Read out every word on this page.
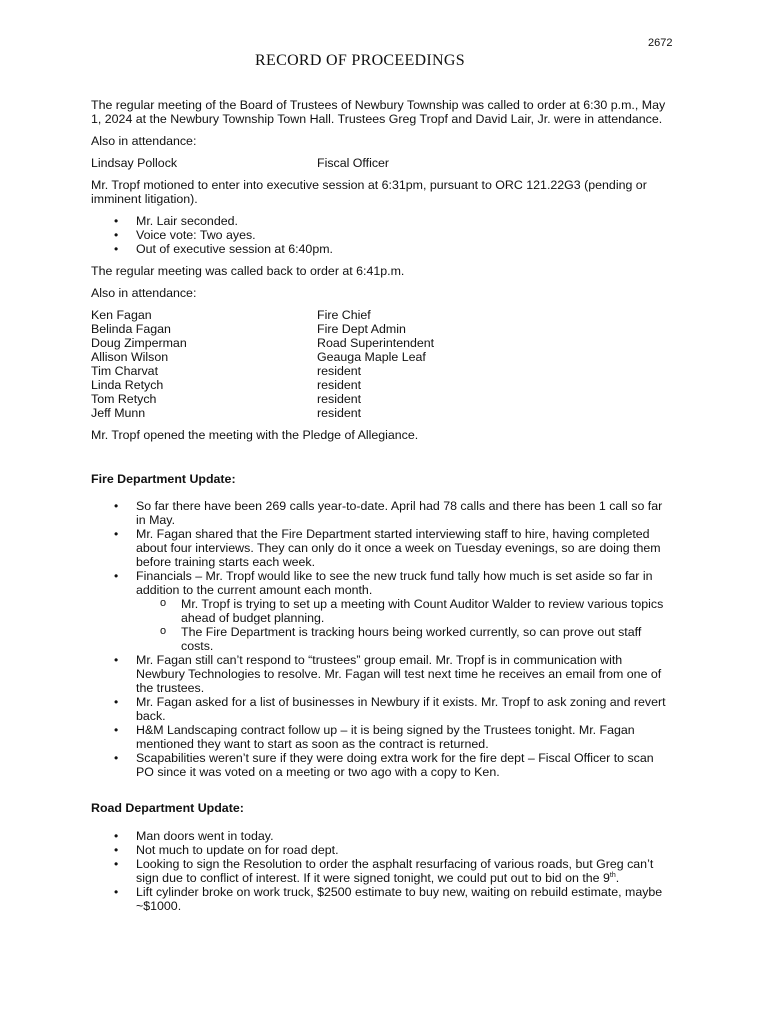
2672
RECORD OF PROCEEDINGS

The regular meeting of the Board of Trustees of Newbury Township was called to order at 6:30 p.m., May 1, 2024 at the Newbury Township Town Hall. Trustees Greg Tropf and David Lair, Jr. were in attendance.

Also in attendance:

Lindsay Pollock	Fiscal Officer

Mr. Tropf motioned to enter into executive session at 6:31pm, pursuant to ORC 121.22G3 (pending or imminent litigation).

• Mr. Lair seconded.
• Voice vote: Two ayes.
• Out of executive session at 6:40pm.

The regular meeting was called back to order at 6:41p.m.

Also in attendance:

Ken Fagan	Fire Chief
Belinda Fagan	Fire Dept Admin
Doug Zimperman	Road Superintendent
Allison Wilson	Geauga Maple Leaf
Tim Charvat	resident
Linda Retych	resident
Tom Retych	resident
Jeff Munn	resident

Mr. Tropf opened the meeting with the Pledge of Allegiance.

Fire Department Update:

• So far there have been 269 calls year-to-date. April had 78 calls and there has been 1 call so far in May.
• Mr. Fagan shared that the Fire Department started interviewing staff to hire, having completed about four interviews. They can only do it once a week on Tuesday evenings, so are doing them before training starts each week.
• Financials – Mr. Tropf would like to see the new truck fund tally how much is set aside so far in addition to the current amount each month.
o Mr. Tropf is trying to set up a meeting with Count Auditor Walder to review various topics ahead of budget planning.
o The Fire Department is tracking hours being worked currently, so can prove out staff costs.
• Mr. Fagan still can’t respond to “trustees” group email. Mr. Tropf is in communication with Newbury Technologies to resolve. Mr. Fagan will test next time he receives an email from one of the trustees.
• Mr. Fagan asked for a list of businesses in Newbury if it exists. Mr. Tropf to ask zoning and revert back.
• H&M Landscaping contract follow up – it is being signed by the Trustees tonight. Mr. Fagan mentioned they want to start as soon as the contract is returned.
• Scapabilities weren’t sure if they were doing extra work for the fire dept – Fiscal Officer to scan PO since it was voted on a meeting or two ago with a copy to Ken.

Road Department Update:

• Man doors went in today.
• Not much to update on for road dept.
• Looking to sign the Resolution to order the asphalt resurfacing of various roads, but Greg can’t sign due to conflict of interest. If it were signed tonight, we could put out to bid on the 9th.
• Lift cylinder broke on work truck, $2500 estimate to buy new, waiting on rebuild estimate, maybe ~$1000.
